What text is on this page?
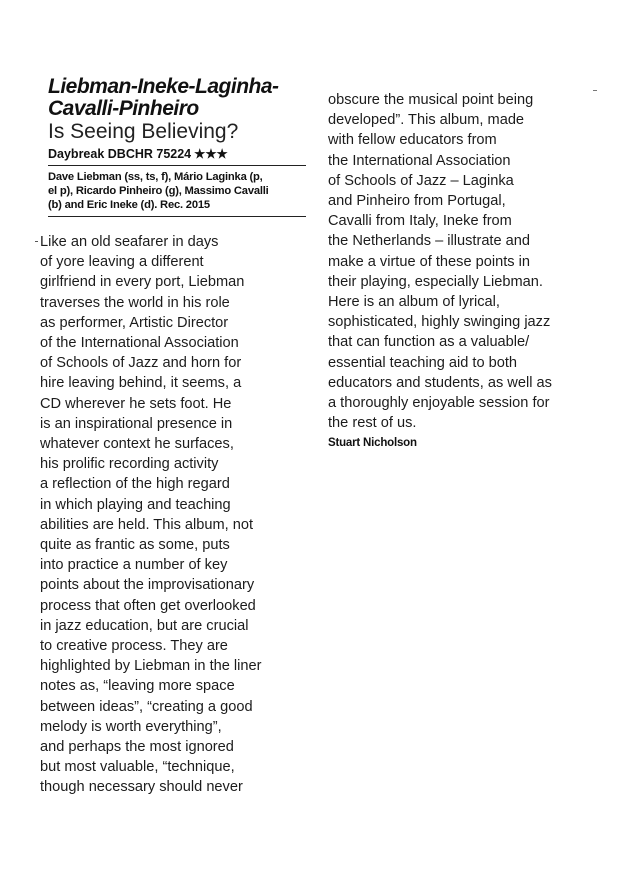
Liebman-Ineke-Laginha-
Cavalli-Pinheiro
Is Seeing Believing?
Daybreak DBCHR 75224 ★★★
Dave Liebman (ss, ts, f), Mário Laginka (p,
el p), Ricardo Pinheiro (g), Massimo Cavalli
(b) and Eric Ineke (d). Rec. 2015
Like an old seafarer in days
of yore leaving a different
girlfriend in every port, Liebman
traverses the world in his role
as performer, Artistic Director
of the International Association
of Schools of Jazz and horn for
hire leaving behind, it seems, a
CD wherever he sets foot. He
is an inspirational presence in
whatever context he surfaces,
his prolific recording activity
a reflection of the high regard
in which playing and teaching
abilities are held. This album, not
quite as frantic as some, puts
into practice a number of key
points about the improvisationary
process that often get overlooked
in jazz education, but are crucial
to creative process. They are
highlighted by Liebman in the liner
notes as, “leaving more space
between ideas”, “creating a good
melody is worth everything”,
and perhaps the most ignored
but most valuable, “technique,
though necessary should never
obscure the musical point being
developed”. This album, made
with fellow educators from
the International Association
of Schools of Jazz – Laginka
and Pinheiro from Portugal,
Cavalli from Italy, Ineke from
the Netherlands – illustrate and
make a virtue of these points in
their playing, especially Liebman.
Here is an album of lyrical,
sophisticated, highly swinging jazz
that can function as a valuable/
essential teaching aid to both
educators and students, as well as
a thoroughly enjoyable session for
the rest of us.
Stuart Nicholson
